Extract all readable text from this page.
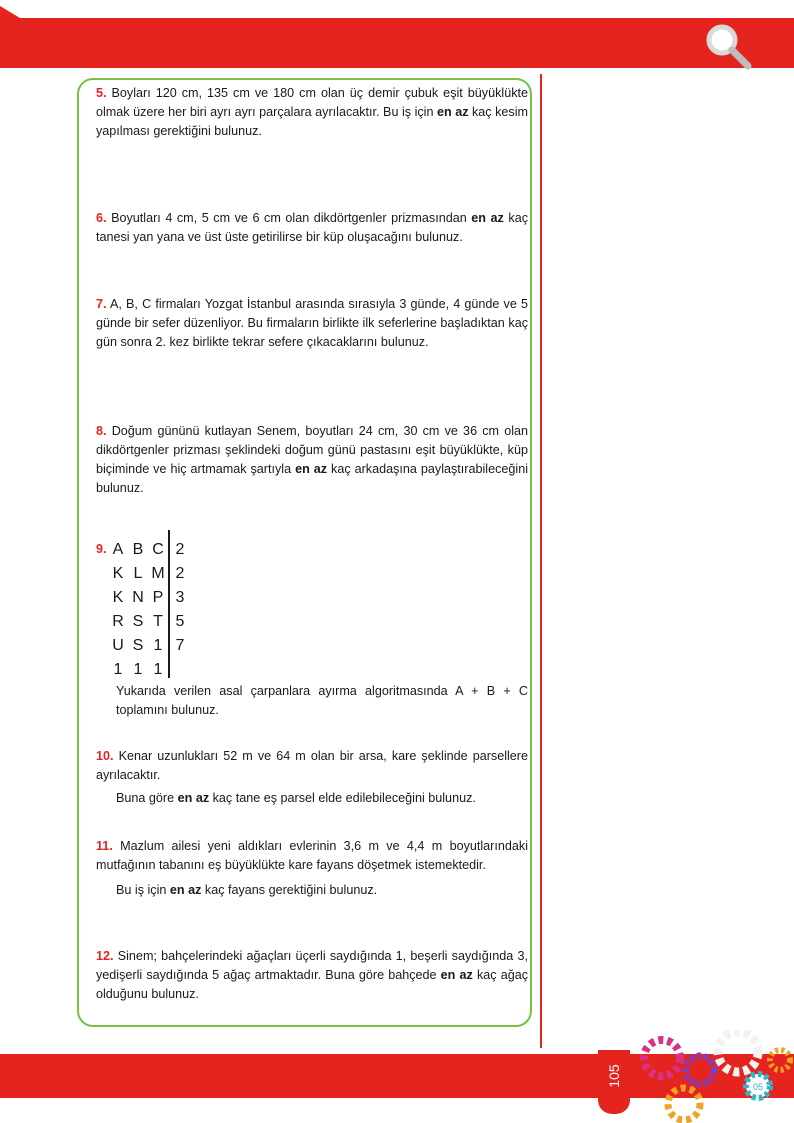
5. Boyları 120 cm, 135 cm ve 180 cm olan üç demir çubuk eşit büyüklükte olmak üzere her biri ayrı ayrı parçalara ayrılacaktır. Bu iş için en az kaç kesim yapılması gerektiğini bulunuz.
6. Boyutları 4 cm, 5 cm ve 6 cm olan dikdörtgenler prizmasından en az kaç tanesi yan yana ve üst üste getirilirse bir küp oluşacağını bulunuz.
7. A, B, C firmaları Yozgat İstanbul arasında sırasıyla 3 günde, 4 günde ve 5 günde bir sefer düzenliyor. Bu firmaların birlikte ilk seferlerine başladıktan kaç gün sonra 2. kez birlikte tekrar sefere çıkacaklarını bulunuz.
8. Doğum gününü kutlayan Senem, boyutları 24 cm, 30 cm ve 36 cm olan dikdörtgenler prizması şeklindeki doğum günü pastasını eşit büyüklükte, küp biçiminde ve hiç artmamak şartıyla en az kaç arkadaşına paylaştırabileceğini bulunuz.
9. A B C 2
K L M 2
K N P 3
R S T 5
U S 1 7
1 1 1
Yukarıda verilen asal çarpanlara ayırma algoritmasında A + B + C toplamını bulunuz.
10. Kenar uzunlukları 52 m ve 64 m olan bir arsa, kare şeklinde parsellere ayrılacaktır.
Buna göre en az kaç tane eş parsel elde edilebileceğini bulunuz.
11. Mazlum ailesi yeni aldıkları evlerinin 3,6 m ve 4,4 m boyutlarındaki mutfağının tabanını eş büyüklükte kare fayans döşetmek istemektedir.
Bu iş için en az kaç fayans gerektiğini bulunuz.
12. Sinem; bahçelerindeki ağaçları üçerli saydığında 1, beşerli saydığında 3, yedişerli saydığında 5 ağaç artmaktadır. Buna göre bahçede en az kaç ağaç olduğunu bulunuz.
105	05
